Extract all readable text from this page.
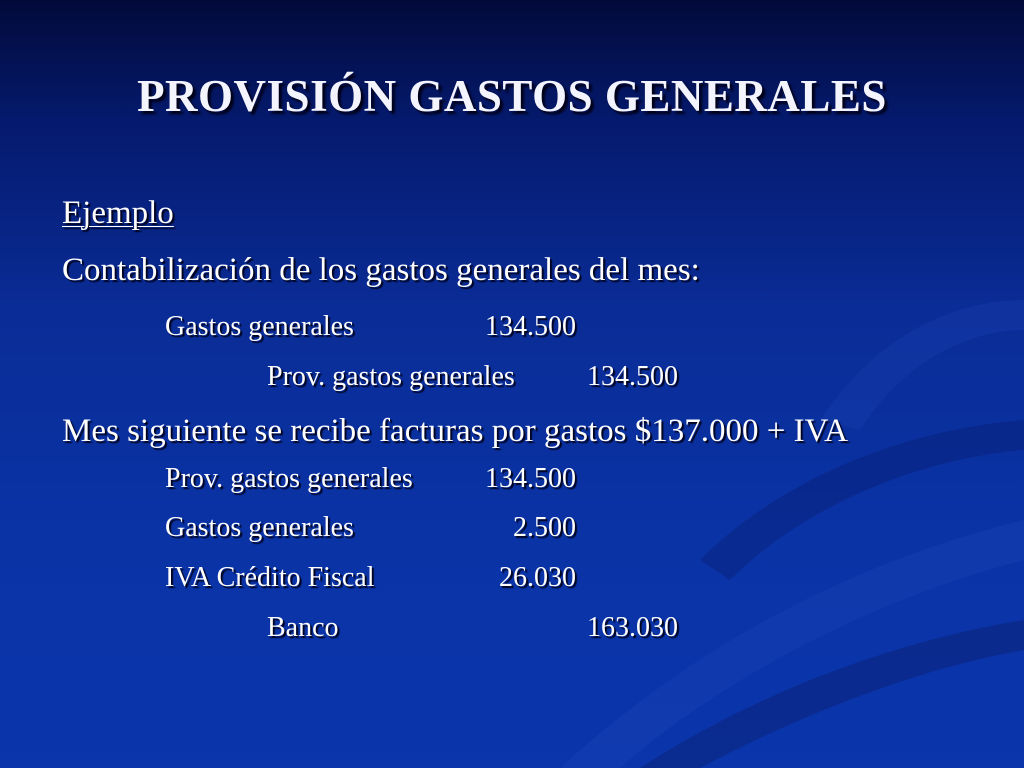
PROVISIÓN GASTOS GENERALES
Ejemplo
Contabilización de los gastos generales del mes:
Gastos generales	134.500
Prov. gastos generales	134.500
Mes siguiente se recibe facturas por gastos $137.000 + IVA
Prov. gastos generales	134.500
Gastos generales	2.500
IVA Crédito Fiscal	26.030
Banco	163.030
